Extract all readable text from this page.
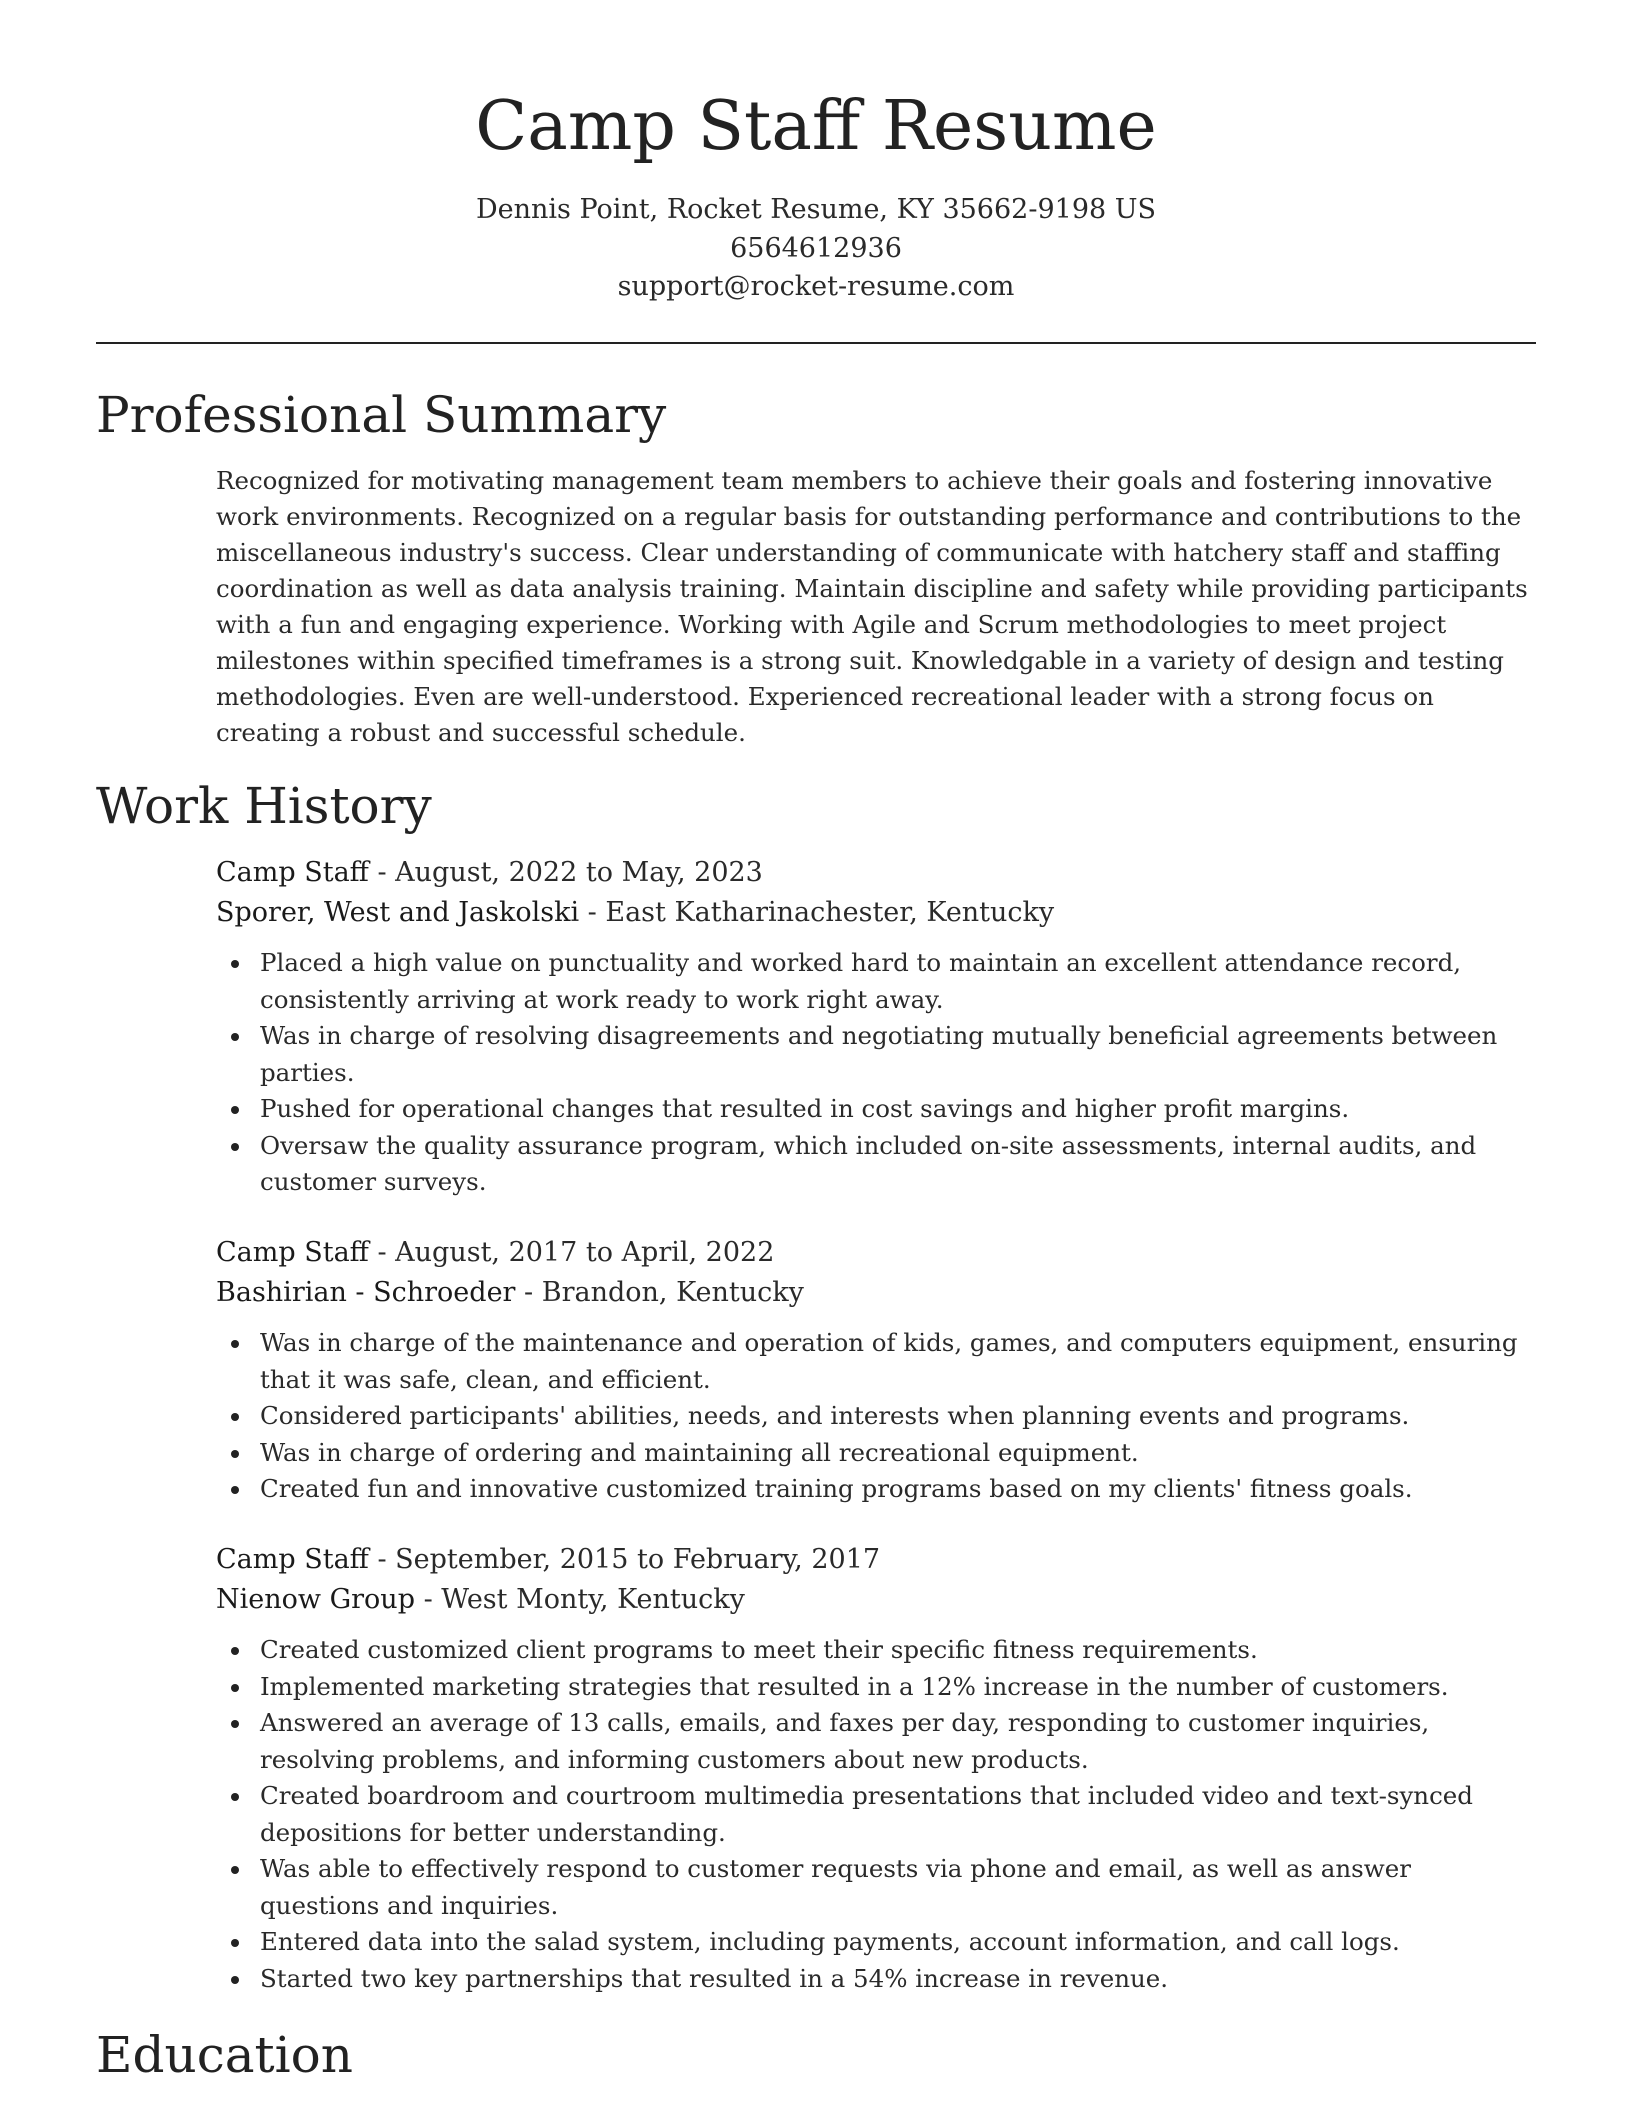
Camp Staff Resume
Dennis Point, Rocket Resume, KY 35662-9198 US
6564612936
support@rocket-resume.com
Professional Summary

Recognized for motivating management team members to achieve their goals and fostering innovative work environments. Recognized on a regular basis for outstanding performance and contributions to the miscellaneous industry's success. Clear understanding of communicate with hatchery staff and staffing coordination as well as data analysis training. Maintain discipline and safety while providing participants with a fun and engaging experience. Working with Agile and Scrum methodologies to meet project milestones within specified timeframes is a strong suit. Knowledgable in a variety of design and testing methodologies. Even are well-understood. Experienced recreational leader with a strong focus on creating a robust and successful schedule.

Work History
Camp Staff - August, 2022 to May, 2023
Sporer, West and Jaskolski - East Katharinachester, Kentucky
Placed a high value on punctuality and worked hard to maintain an excellent attendance record, consistently arriving at work ready to work right away.
Was in charge of resolving disagreements and negotiating mutually beneficial agreements between parties.
Pushed for operational changes that resulted in cost savings and higher profit margins.
Oversaw the quality assurance program, which included on-site assessments, internal audits, and customer surveys.
Camp Staff - August, 2017 to April, 2022
Bashirian - Schroeder - Brandon, Kentucky
Was in charge of the maintenance and operation of kids, games, and computers equipment, ensuring that it was safe, clean, and efficient.
Considered participants' abilities, needs, and interests when planning events and programs.
Was in charge of ordering and maintaining all recreational equipment.
Created fun and innovative customized training programs based on my clients' fitness goals.
Camp Staff - September, 2015 to February, 2017
Nienow Group - West Monty, Kentucky
Created customized client programs to meet their specific fitness requirements.
Implemented marketing strategies that resulted in a 12% increase in the number of customers.
Answered an average of 13 calls, emails, and faxes per day, responding to customer inquiries, resolving problems, and informing customers about new products.
Created boardroom and courtroom multimedia presentations that included video and text-synced depositions for better understanding.
Was able to effectively respond to customer requests via phone and email, as well as answer questions and inquiries.
Entered data into the salad system, including payments, account information, and call logs.
Started two key partnerships that resulted in a 54% increase in revenue.
Education
